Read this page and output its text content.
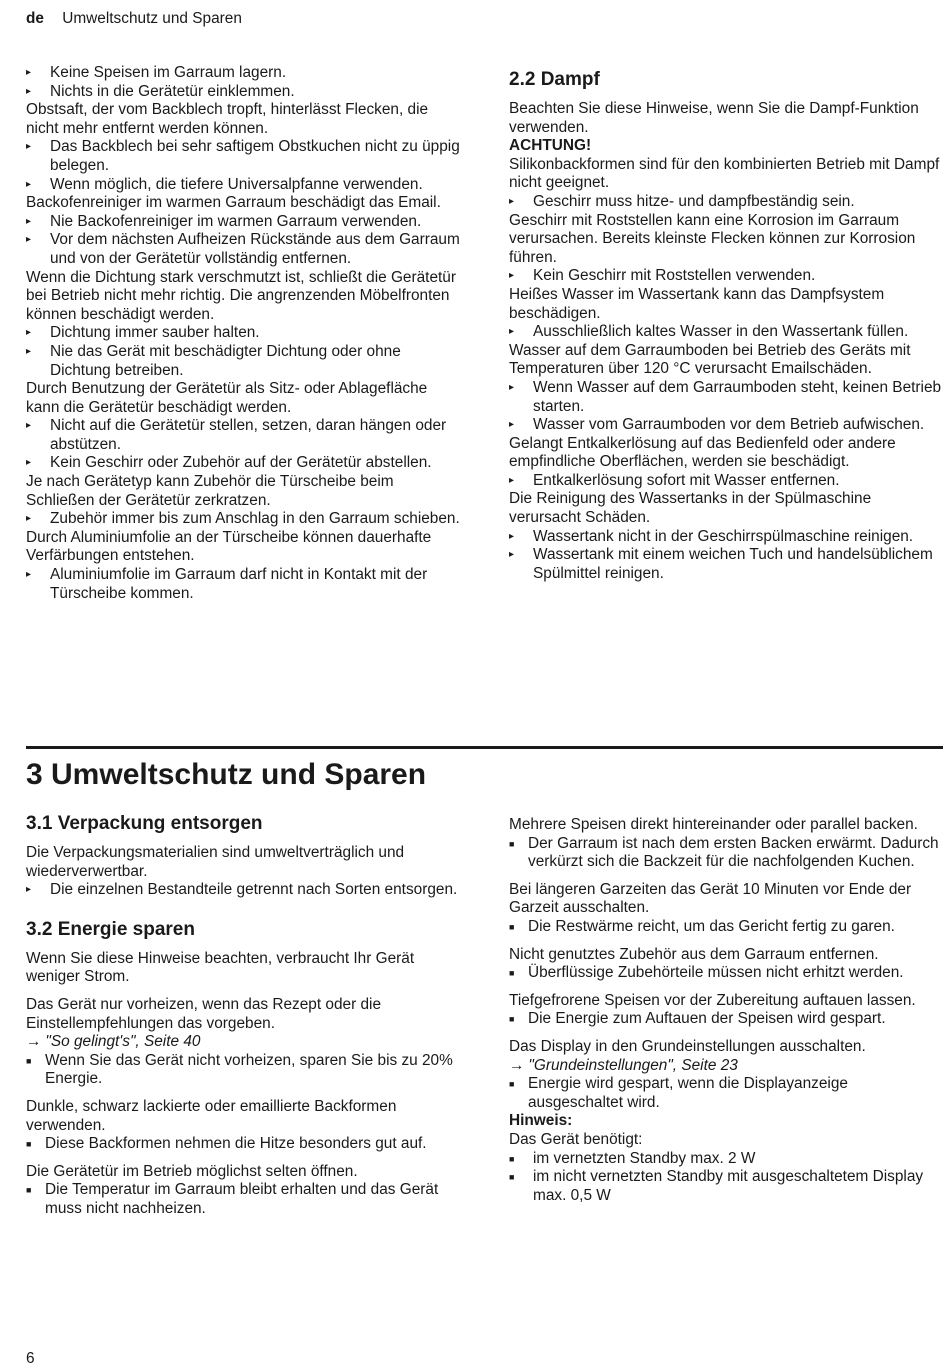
de Umweltschutz und Sparen
▸ Keine Speisen im Garraum lagern.
▸ Nichts in die Gerätetür einklemmen.

Obstsaft, der vom Backblech tropft, hinterlässt Flecken, die nicht mehr entfernt werden können.

▸ Das Backblech bei sehr saftigem Obstkuchen nicht zu üppig belegen.
▸ Wenn möglich, die tiefere Universalpfanne verwenden.

Backofenreiniger im warmen Garraum beschädigt das Email.

▸ Nie Backofenreiniger im warmen Garraum verwenden.
▸ Vor dem nächsten Aufheizen Rückstände aus dem Garraum und von der Gerätetür vollständig entfernen.

Wenn die Dichtung stark verschmutzt ist, schließt die Gerätetür bei Betrieb nicht mehr richtig. Die angrenzenden Möbelfronten können beschädigt werden.

▸ Dichtung immer sauber halten.
▸ Nie das Gerät mit beschädigter Dichtung oder ohne Dichtung betreiben.

Durch Benutzung der Gerätetür als Sitz- oder Ablagefläche kann die Gerätetür beschädigt werden.

▸ Nicht auf die Gerätetür stellen, setzen, daran hängen oder abstützen.
▸ Kein Geschirr oder Zubehör auf der Gerätetür abstellen.

Je nach Gerätetyp kann Zubehör die Türscheibe beim Schließen der Gerätetür zerkratzen.

▸ Zubehör immer bis zum Anschlag in den Garraum schieben.

Durch Aluminiumfolie an der Türscheibe können dauerhafte Verfärbungen entstehen.

▸ Aluminiumfolie im Garraum darf nicht in Kontakt mit der Türscheibe kommen.
2.2 Dampf

Beachten Sie diese Hinweise, wenn Sie die Dampf-Funktion verwenden.

ACHTUNG!

Silikonbackformen sind für den kombinierten Betrieb mit Dampf nicht geeignet.

▸ Geschirr muss hitze- und dampfbeständig sein.

Geschirr mit Roststellen kann eine Korrosion im Garraum verursachen. Bereits kleinste Flecken können zur Korrosion führen.

▸ Kein Geschirr mit Roststellen verwenden.

Heißes Wasser im Wassertank kann das Dampfsystem beschädigen.

▸ Ausschließlich kaltes Wasser in den Wassertank füllen.

Wasser auf dem Garraumboden bei Betrieb des Geräts mit Temperaturen über 120 °C verursacht Emailschäden.

▸ Wenn Wasser auf dem Garraumboden steht, keinen Betrieb starten.
▸ Wasser vom Garraumboden vor dem Betrieb aufwischen.

Gelangt Entkalkerlösung auf das Bedienfeld oder andere empfindliche Oberflächen, werden sie beschädigt.

▸ Entkalkerlösung sofort mit Wasser entfernen.

Die Reinigung des Wassertanks in der Spülmaschine verursacht Schäden.

▸ Wassertank nicht in der Geschirrspülmaschine reinigen.
▸ Wassertank mit einem weichen Tuch und handelsüblichem Spülmittel reinigen.
3 Umweltschutz und Sparen
3.1 Verpackung entsorgen

Die Verpackungsmaterialien sind umweltverträglich und wiederverwertbar.

▸ Die einzelnen Bestandteile getrennt nach Sorten entsorgen.
3.2 Energie sparen

Wenn Sie diese Hinweise beachten, verbraucht Ihr Gerät weniger Strom.

Das Gerät nur vorheizen, wenn das Rezept oder die Einstellempfehlungen das vorgeben.

→ "So gelingt's", Seite 40

■ Wenn Sie das Gerät nicht vorheizen, sparen Sie bis zu 20% Energie.

Dunkle, schwarz lackierte oder emaillierte Backformen verwenden.

■ Diese Backformen nehmen die Hitze besonders gut auf.

Die Gerätetür im Betrieb möglichst selten öffnen.

■ Die Temperatur im Garraum bleibt erhalten und das Gerät muss nicht nachheizen.

Mehrere Speisen direkt hintereinander oder parallel backen.

■ Der Garraum ist nach dem ersten Backen erwärmt. Dadurch verkürzt sich die Backzeit für die nachfolgenden Kuchen.

Bei längeren Garzeiten das Gerät 10 Minuten vor Ende der Garzeit ausschalten.

■ Die Restwärme reicht, um das Gericht fertig zu garen.

Nicht genutztes Zubehör aus dem Garraum entfernen.

■ Überflüssige Zubehörteile müssen nicht erhitzt werden.

Tiefgefrorene Speisen vor der Zubereitung auftauen lassen.

■ Die Energie zum Auftauen der Speisen wird gespart.

Das Display in den Grundeinstellungen ausschalten.

→ "Grundeinstellungen", Seite 23

■ Energie wird gespart, wenn die Displayanzeige ausgeschaltet wird.

Hinweis:

Das Gerät benötigt:

■ im vernetzten Standby max. 2 W
■ im nicht vernetzten Standby mit ausgeschaltetem Display max. 0,5 W
6
